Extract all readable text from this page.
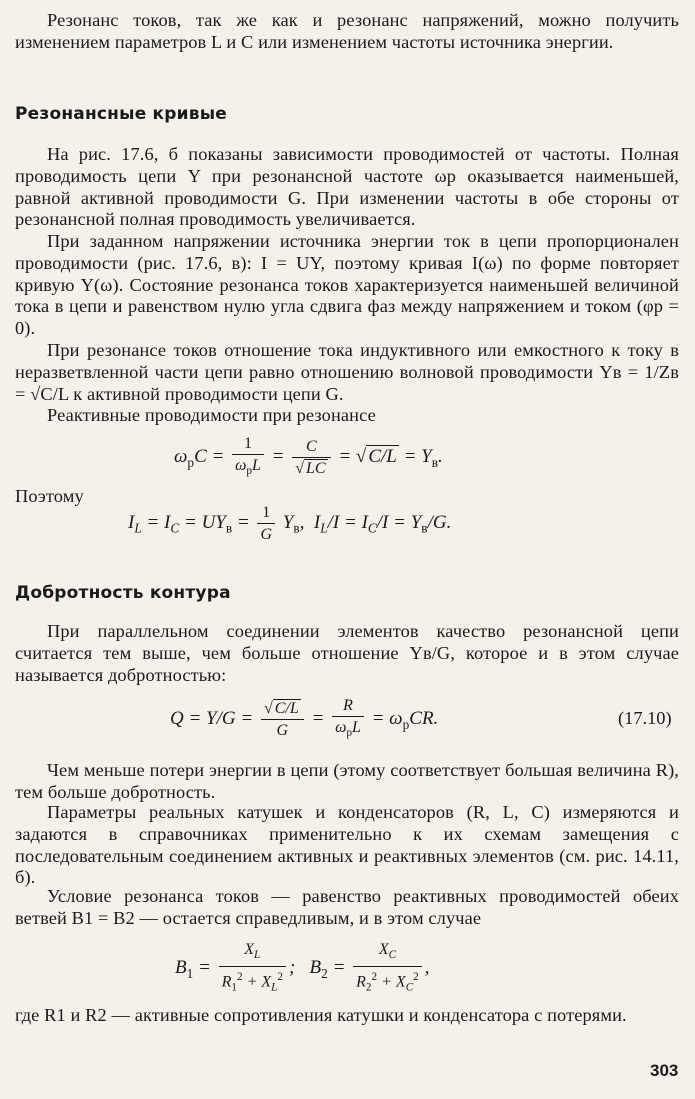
Резонанс токов, так же как и резонанс напряжений, можно получить изменением параметров L и C или изменением частоты источника энергии.

Резонансные кривые

На рис. 17.6, б показаны зависимости проводимостей от частоты. Полная проводимость цепи Y при резонансной частоте ωр оказывается наименьшей, равной активной проводимости G. При изменении частоты в обе стороны от резонансной полная проводимость увеличивается.

При заданном напряжении источника энергии ток в цепи пропорционален проводимости (рис. 17.6, в): I = UY, поэтому кривая I(ω) по форме повторяет кривую Y(ω). Состояние резонанса токов характеризуется наименьшей величиной тока в цепи и равенством нулю угла сдвига фаз между напряжением и током (φр = 0).

При резонансе токов отношение тока индуктивного или емкостного к току в неразветвленной части цепи равно отношению волновой проводимости Yв = 1/Zв = √C/L к активной проводимости цепи G.

Реактивные проводимости при резонансе

$\omega_рC = \frac{1}{\omega_рL} = \frac{C}{√ LC}$ = √ $C/L = Y_в$.

Поэтому

$I_L = I_C = UY_в = \frac{1}{G} Y_в$,  $I_L/I = I_C/I = Y_в/G$.
Добротность контура

При параллельном соединении элементов качество резонансной цепи считается тем выше, чем больше отношение Yв/G, которое и в этом случае называется добротностью:

$Q = Y/G = \frac{√ C/L}{G} = \frac{R}{\omega_рL} = \omega_рCR$.	(17.10)

Чем меньше потери энергии в цепи (этому соответствует большая величина R), тем больше добротность.

Параметры реальных катушек и конденсаторов (R, L, C) измеряются и задаются в справочниках применительно к их схемам замещения с последовательным соединением активных и реактивных элементов (см. рис. 14.11, б).

Условие резонанса токов — равенство реактивных проводимостей обеих ветвей B1 = B2 — остается справедливым, и в этом случае

$B_1 = \frac{X_L}{R_1^2 + X_L^2}$ ;   $B_2 = \frac{X_C}{R_2^2 + X_C^2}$ ,

где R1 и R2 — активные сопротивления катушки и конденсатора с потерями.

303
